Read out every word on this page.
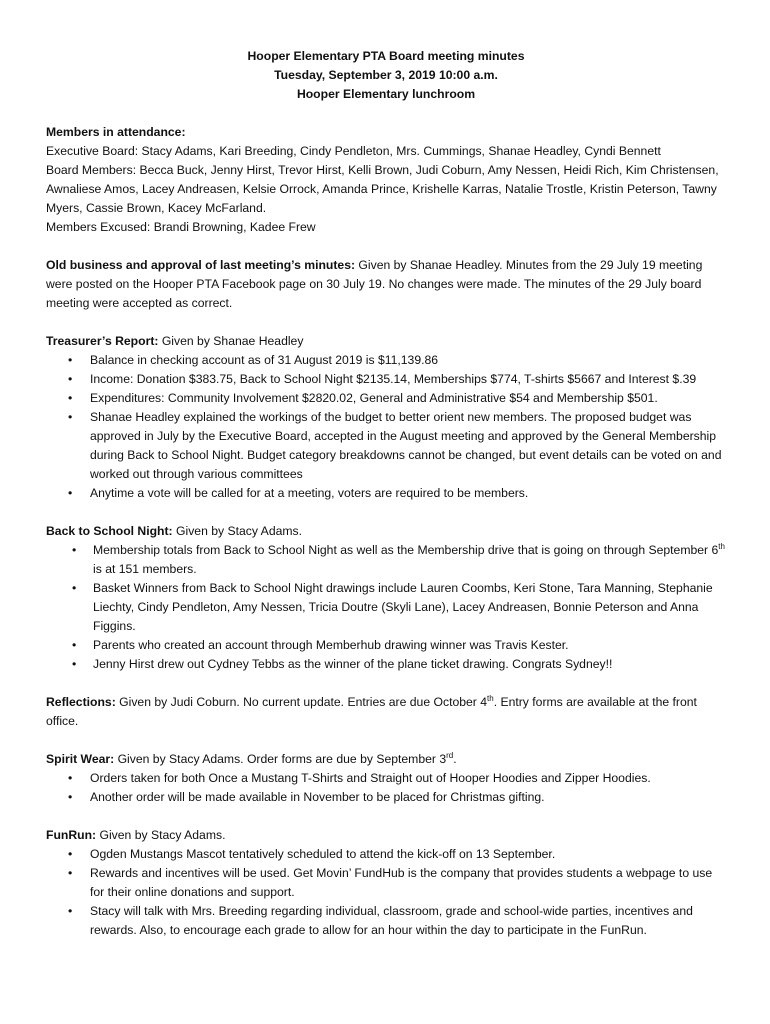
Hooper Elementary PTA Board meeting minutes
Tuesday, September 3, 2019 10:00 a.m.
Hooper Elementary lunchroom

Members in attendance:

Executive Board: Stacy Adams, Kari Breeding, Cindy Pendleton, Mrs. Cummings, Shanae Headley, Cyndi Bennett

Board Members: Becca Buck, Jenny Hirst, Trevor Hirst, Kelli Brown, Judi Coburn, Amy Nessen, Heidi Rich, Kim Christensen, Awnaliese Amos, Lacey Andreasen, Kelsie Orrock, Amanda Prince, Krishelle Karras, Natalie Trostle, Kristin Peterson, Tawny Myers, Cassie Brown, Kacey McFarland.

Members Excused: Brandi Browning, Kadee Frew

Old business and approval of last meeting’s minutes: Given by Shanae Headley. Minutes from the 29 July 19 meeting were posted on the Hooper PTA Facebook page on 30 July 19. No changes were made. The minutes of the 29 July board meeting were accepted as correct.

Treasurer’s Report: Given by Shanae Headley

• Balance in checking account as of 31 August 2019 is $11,139.86
• Income: Donation $383.75, Back to School Night $2135.14, Memberships $774, T-shirts $5667 and Interest $.39
• Expenditures: Community Involvement $2820.02, General and Administrative $54 and Membership $501.
• Shanae Headley explained the workings of the budget to better orient new members. The proposed budget was approved in July by the Executive Board, accepted in the August meeting and approved by the General Membership during Back to School Night. Budget category breakdowns cannot be changed, but event details can be voted on and worked out through various committees
• Anytime a vote will be called for at a meeting, voters are required to be members.

Back to School Night: Given by Stacy Adams.

• Membership totals from Back to School Night as well as the Membership drive that is going on through September 6th is at 151 members.
• Basket Winners from Back to School Night drawings include Lauren Coombs, Keri Stone, Tara Manning, Stephanie Liechty, Cindy Pendleton, Amy Nessen, Tricia Doutre (Skyli Lane), Lacey Andreasen, Bonnie Peterson and Anna Figgins.
• Parents who created an account through Memberhub drawing winner was Travis Kester.
• Jenny Hirst drew out Cydney Tebbs as the winner of the plane ticket drawing. Congrats Sydney!!

Reflections: Given by Judi Coburn. No current update. Entries are due October 4th. Entry forms are available at the front office.

Spirit Wear: Given by Stacy Adams. Order forms are due by September 3rd.

• Orders taken for both Once a Mustang T-Shirts and Straight out of Hooper Hoodies and Zipper Hoodies.
• Another order will be made available in November to be placed for Christmas gifting.

FunRun: Given by Stacy Adams.

• Ogden Mustangs Mascot tentatively scheduled to attend the kick-off on 13 September.
• Rewards and incentives will be used. Get Movin’ FundHub is the company that provides students a webpage to use for their online donations and support.
• Stacy will talk with Mrs. Breeding regarding individual, classroom, grade and school-wide parties, incentives and rewards. Also, to encourage each grade to allow for an hour within the day to participate in the FunRun.
